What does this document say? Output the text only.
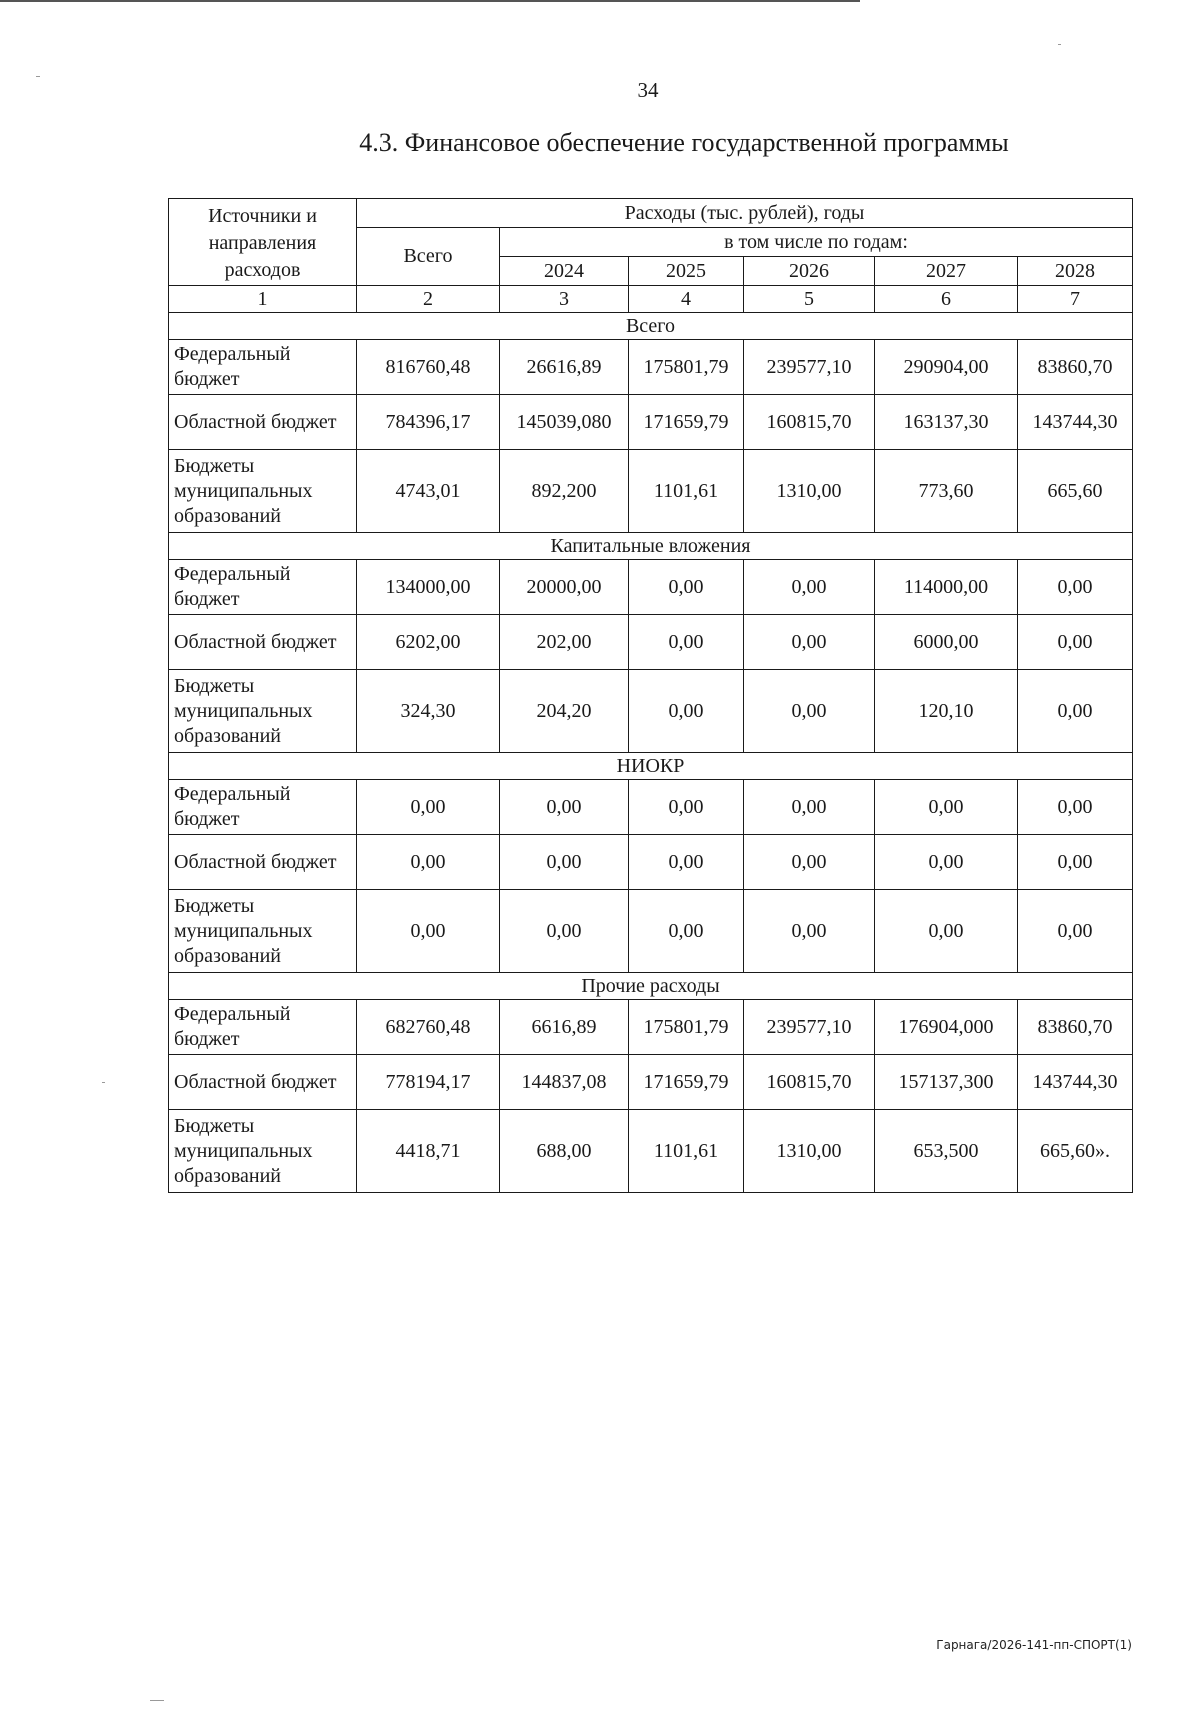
34
4.3. Финансовое обеспечение государственной программы
Источники и направления расходов	Расходы (тыс. рублей), годы					
	Всего	в том числе по годам:				
		2024	2025	2026	2027	2028
1	2	3	4	5	6	7
Всего						
Федеральный бюджет	816760,48	26616,89	175801,79	239577,10	290904,00	83860,70
Областной бюджет	784396,17	145039,080	171659,79	160815,70	163137,30	143744,30
Бюджеты муниципальных образований	4743,01	892,200	1101,61	1310,00	773,60	665,60
Капитальные вложения						
Федеральный бюджет	134000,00	20000,00	0,00	0,00	114000,00	0,00
Областной бюджет	6202,00	202,00	0,00	0,00	6000,00	0,00
Бюджеты муниципальных образований	324,30	204,20	0,00	0,00	120,10	0,00
НИОКР						
Федеральный бюджет	0,00	0,00	0,00	0,00	0,00	0,00
Областной бюджет	0,00	0,00	0,00	0,00	0,00	0,00
Бюджеты муниципальных образований	0,00	0,00	0,00	0,00	0,00	0,00
Прочие расходы						
Федеральный бюджет	682760,48	6616,89	175801,79	239577,10	176904,000	83860,70
Областной бюджет	778194,17	144837,08	171659,79	160815,70	157137,300	143744,30
Бюджеты муниципальных образований	4418,71	688,00	1101,61	1310,00	653,500	665,60».
Гарнага/2026-141-пп-СПОРТ(1)
